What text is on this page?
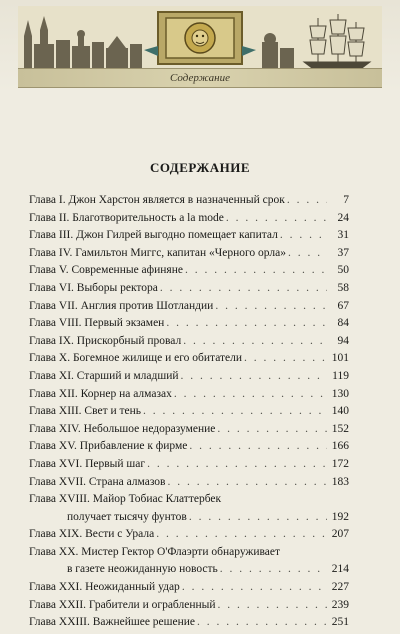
Содержание
СОДЕРЖАНИЕ
Глава I. Джон Харстон является в назначенный срок . . .	7
Глава II. Благотворительность а la mode . . .	24
Глава III. Джон Гилрей выгодно помещает капитал . . .	31
Глава IV. Гамильтон Миггс, капитан «Черного орла» . . .	37
Глава V. Современные афиняне . . .	50
Глава VI. Выборы ректора . . .	58
Глава VII. Англия против Шотландии . . .	67
Глава VIII. Первый экзамен . . .	84
Глава IX. Прискорбный провал . . .	94
Глава X. Богемное жилище и его обитатели . . .	101
Глава XI. Старший и младший . . .	119
Глава XII. Корнер на алмазах . . .	130
Глава XIII. Свет и тень . . .	140
Глава XIV. Небольшое недоразумение . . .	152
Глава XV. Прибавление к фирме . . .	166
Глава XVI. Первый шаг . . .	172
Глава XVII. Страна алмазов . . .	183
Глава XVIII. Майор Тобиас Клаттербек
получает тысячу фунтов . . .	192
Глава XIX. Вести с Урала . . .	207
Глава XX. Мистер Гектор О'Флаэрти обнаруживает
в газете неожиданную новость . . .	214
Глава XXI. Неожиданный удар . . .	227
Глава XXII. Грабители и ограбленный . . .	239
Глава XXIII. Важнейшее решение . . .	251
